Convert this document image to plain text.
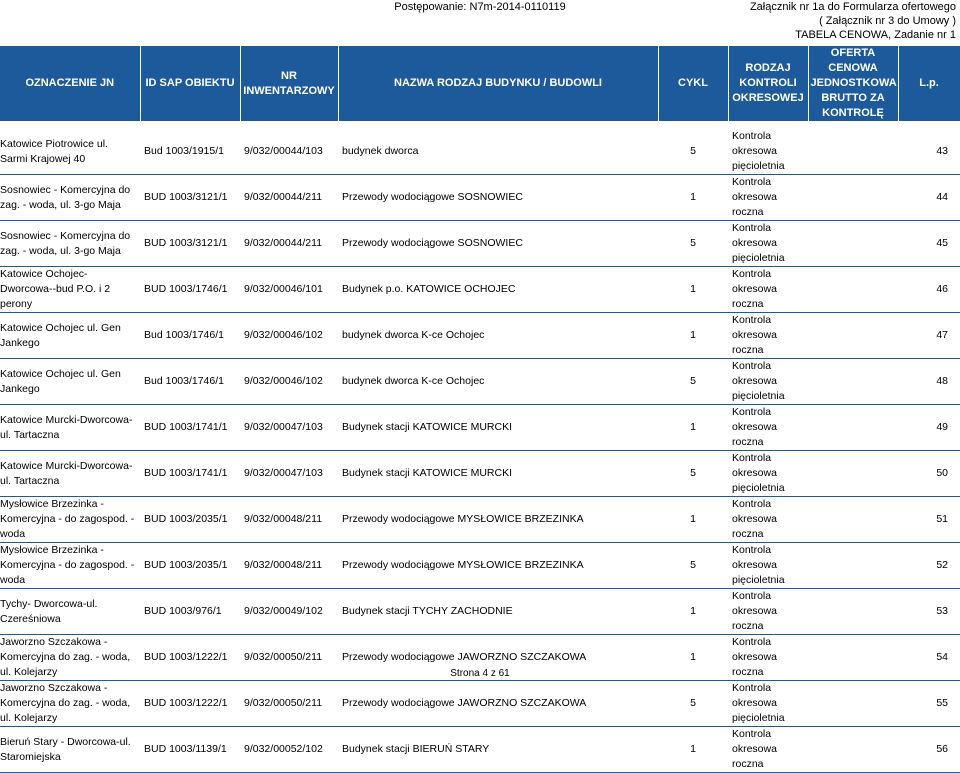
Postępowanie: N7m-2014-0110119	Załącznik nr 1a do Formularza ofertowego
( Załącznik nr 3 do Umowy )
TABELA CENOWA, Zadanie nr 1
OZNACZENIE JN	ID SAP OBIEKTU	NR INWENTARZOWY	NAZWA RODZAJ BUDYNKU / BUDOWLI	CYKL	RODZAJ KONTROLI OKRESOWEJ	OFERTA CENOWA JEDNOSTKOWA BRUTTO ZA KONTROLĘ	L.p.

Katowice Piotrowice ul. Sarmi Krajowej 40	Bud 1003/1915/1	9/032/00044/103	budynek dworca	5	Kontrola okresowa pięcioletnia		43
Sosnowiec - Komercyjna do zag. - woda, ul. 3-go Maja	BUD 1003/3121/1	9/032/00044/211	Przewody wodociągowe SOSNOWIEC	1	Kontrola okresowa roczna		44
Sosnowiec - Komercyjna do zag. - woda, ul. 3-go Maja	BUD 1003/3121/1	9/032/00044/211	Przewody wodociągowe SOSNOWIEC	5	Kontrola okresowa pięcioletnia		45
Katowice Ochojec-Dworcowa--bud P.O. i 2 perony	BUD 1003/1746/1	9/032/00046/101	Budynek p.o. KATOWICE OCHOJEC	1	Kontrola okresowa roczna		46
Katowice Ochojec ul. Gen Jankego	Bud 1003/1746/1	9/032/00046/102	budynek dworca K-ce Ochojec	1	Kontrola okresowa roczna		47
Katowice Ochojec ul. Gen Jankego	Bud 1003/1746/1	9/032/00046/102	budynek dworca K-ce Ochojec	5	Kontrola okresowa pięcioletnia		48
Katowice Murcki-Dworcowa-ul. Tartaczna	BUD 1003/1741/1	9/032/00047/103	Budynek stacji KATOWICE MURCKI	1	Kontrola okresowa roczna		49
Katowice Murcki-Dworcowa-ul. Tartaczna	BUD 1003/1741/1	9/032/00047/103	Budynek stacji KATOWICE MURCKI	5	Kontrola okresowa pięcioletnia		50
Mysłowice Brzezinka - Komercyjna - do zagospod. - woda	BUD 1003/2035/1	9/032/00048/211	Przewody wodociągowe MYSŁOWICE BRZEZINKA	1	Kontrola okresowa roczna		51
Mysłowice Brzezinka - Komercyjna - do zagospod. - woda	BUD 1003/2035/1	9/032/00048/211	Przewody wodociągowe MYSŁOWICE BRZEZINKA	5	Kontrola okresowa pięcioletnia		52
Tychy- Dworcowa-ul. Czereśniowa	BUD 1003/976/1	9/032/00049/102	Budynek stacji TYCHY ZACHODNIE	1	Kontrola okresowa roczna		53
Jaworzno Szczakowa - Komercyjna do zag. - woda, ul. Kolejarzy	BUD 1003/1222/1	9/032/00050/211	Przewody wodociągowe JAWORZNO SZCZAKOWA	1	Kontrola okresowa roczna		54
Jaworzno Szczakowa - Komercyjna do zag. - woda, ul. Kolejarzy	BUD 1003/1222/1	9/032/00050/211	Przewody wodociągowe JAWORZNO SZCZAKOWA	5	Kontrola okresowa pięcioletnia		55
Bieruń Stary - Dworcowa-ul. Staromiejska	BUD 1003/1139/1	9/032/00052/102	Budynek stacji BIERUŃ STARY	1	Kontrola okresowa roczna		56
Strona 4 z 61
